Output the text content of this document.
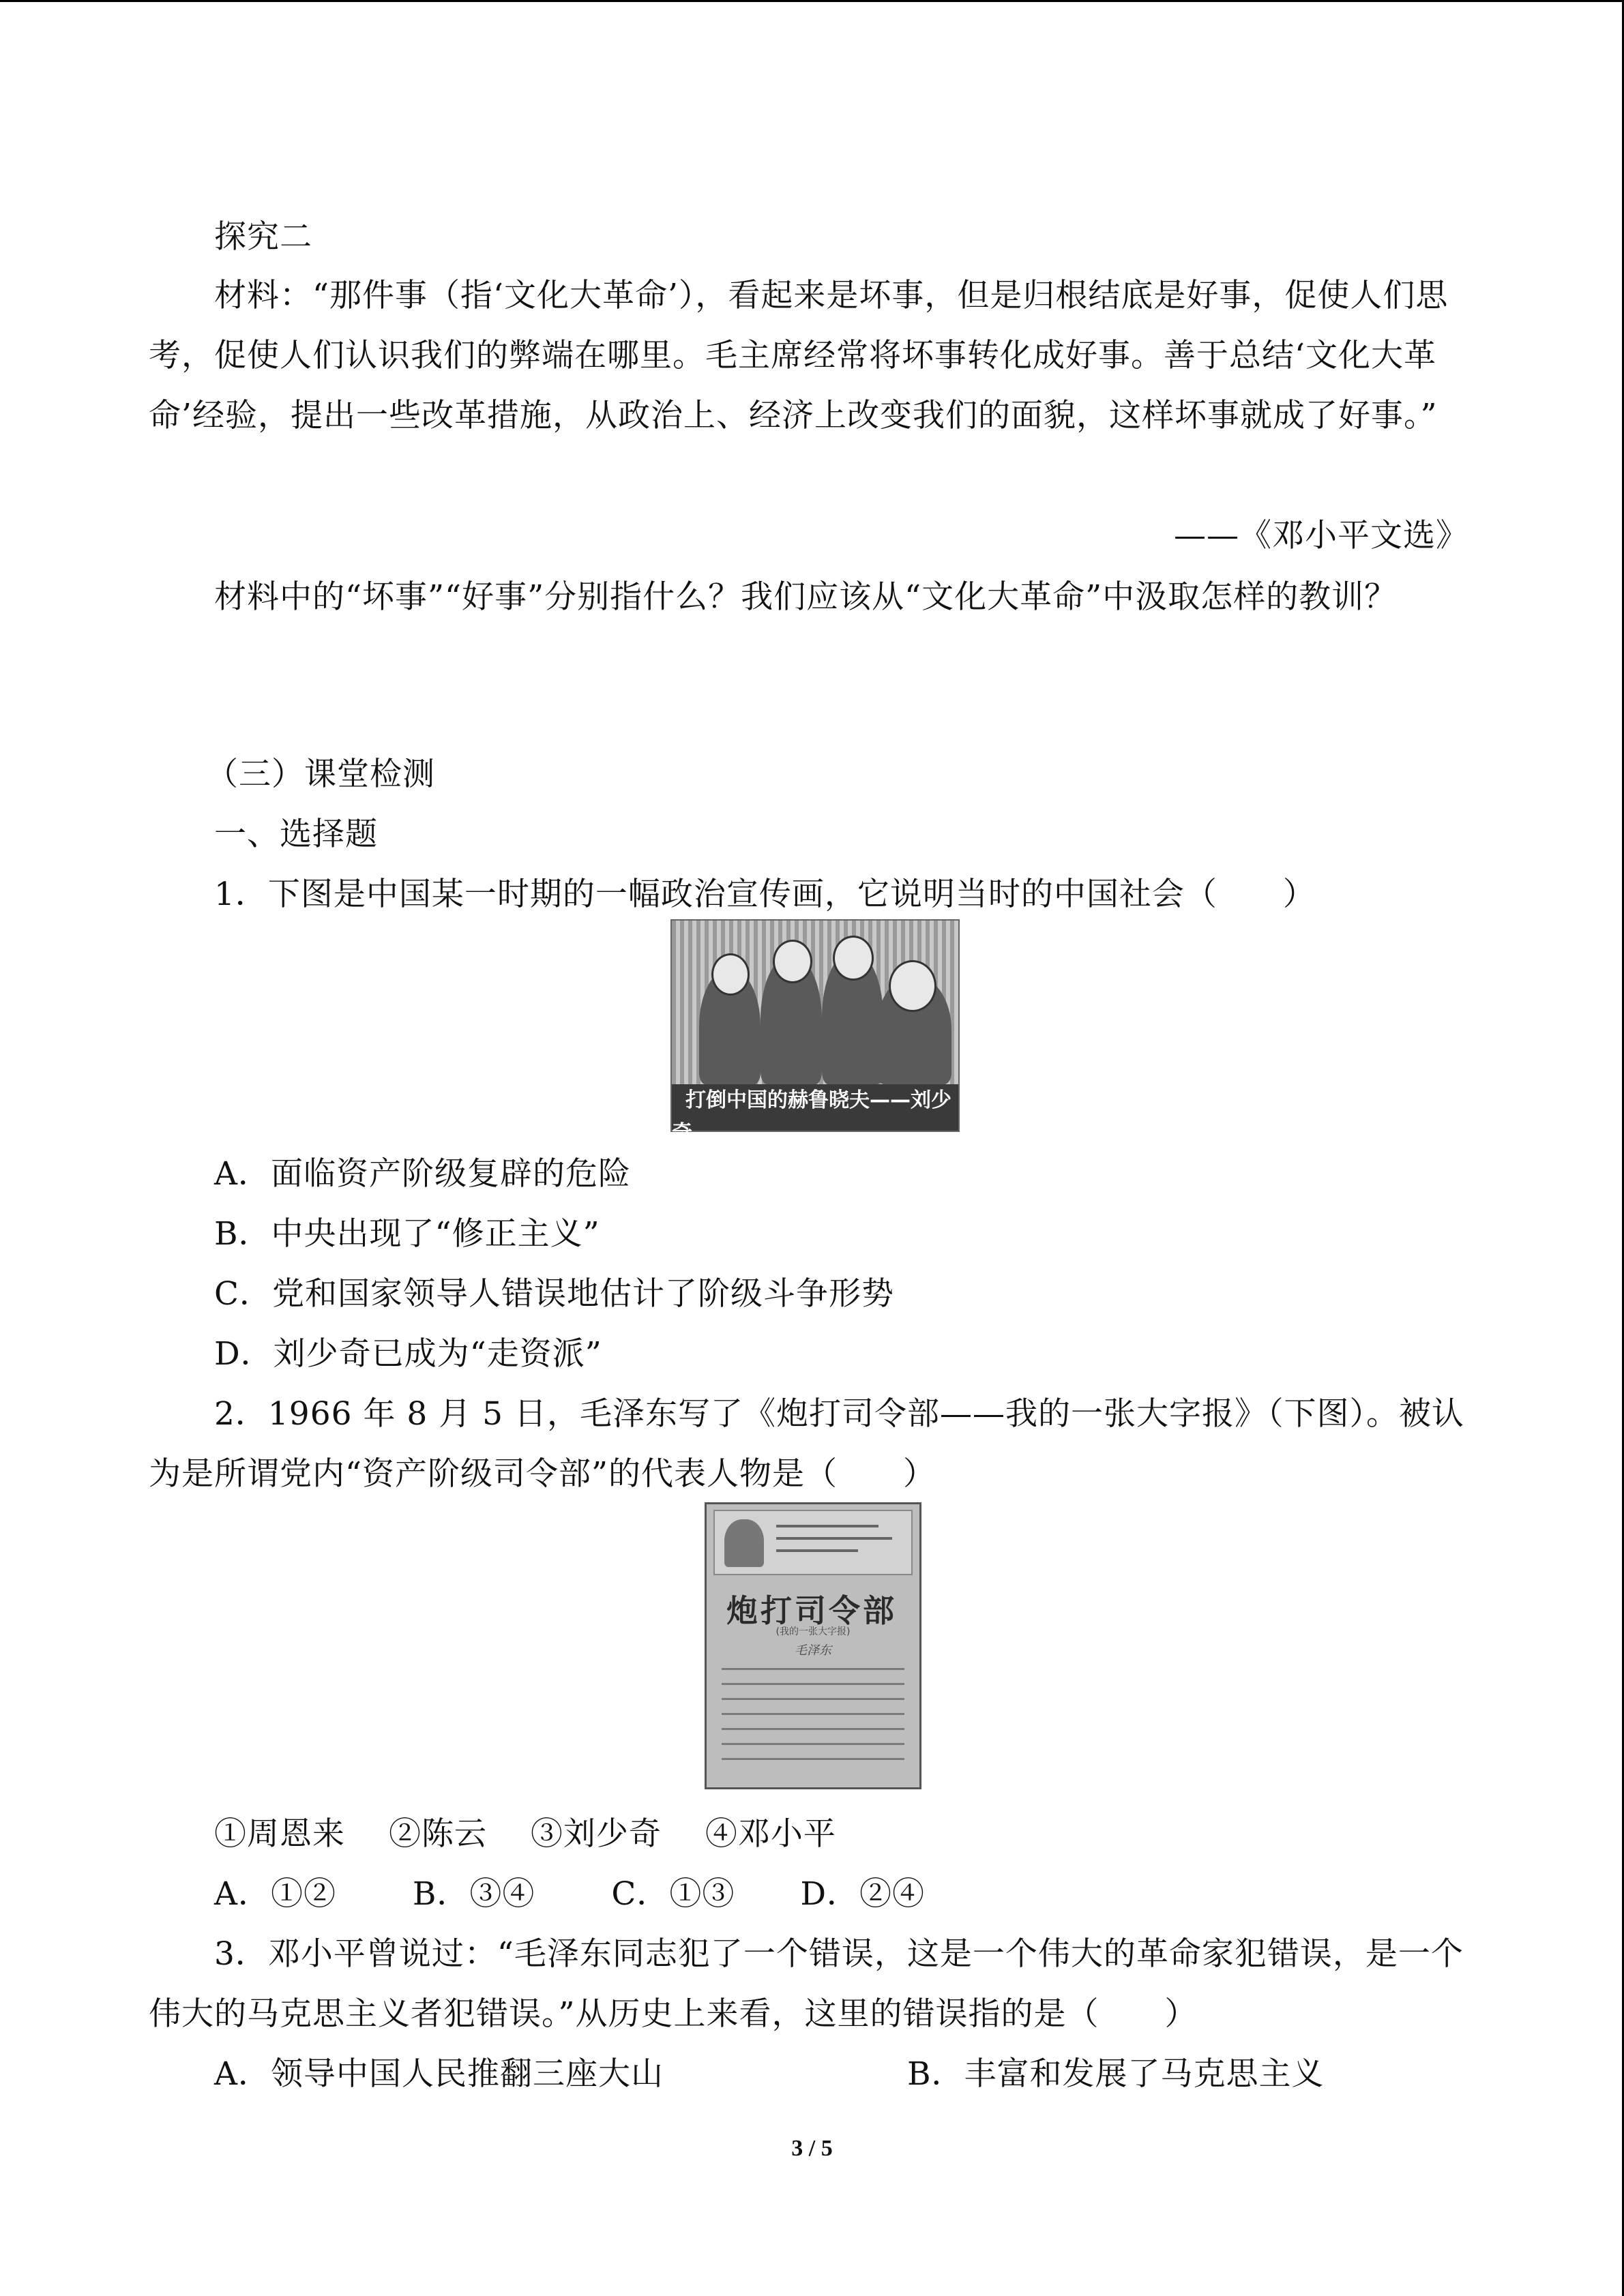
探究二

材料：“那件事（指‘文化大革命’），看起来是坏事，但是归根结底是好事，促使人们思考，促使人们认识我们的弊端在哪里。毛主席经常将坏事转化成好事。善于总结‘文化大革命’经验，提出一些改革措施，从政治上、经济上改变我们的面貌，这样坏事就成了好事。”

——《邓小平文选》
材料中的“坏事”“好事”分别指什么？我们应该从“文化大革命”中汲取怎样的教训？
（三）课堂检测
一、选择题
1．下图是中国某一时期的一幅政治宣传画，它说明当时的中国社会（　　）
打倒中国的赫鲁晓夫——刘少奇
A．面临资产阶级复辟的危险
B．中央出现了“修正主义”
C．党和国家领导人错误地估计了阶级斗争形势
D．刘少奇已成为“走资派”

2．1966 年 8 月 5 日，毛泽东写了《炮打司令部——我的一张大字报》（下图）。被认为是所谓党内“资产阶级司令部”的代表人物是（　　）

炮打司令部
(我的一张大字报)
毛泽东
①周恩来　 ②陈云　 ③刘少奇　 ④邓小平
A．①②　　 B．③④　　 C．①③　　D．②④

3．邓小平曾说过：“毛泽东同志犯了一个错误，这是一个伟大的革命家犯错误，是一个伟大的马克思主义者犯错误。”从历史上来看，这里的错误指的是（　　）

A．领导中国人民推翻三座大山	B．丰富和发展了马克思主义
3 / 5
